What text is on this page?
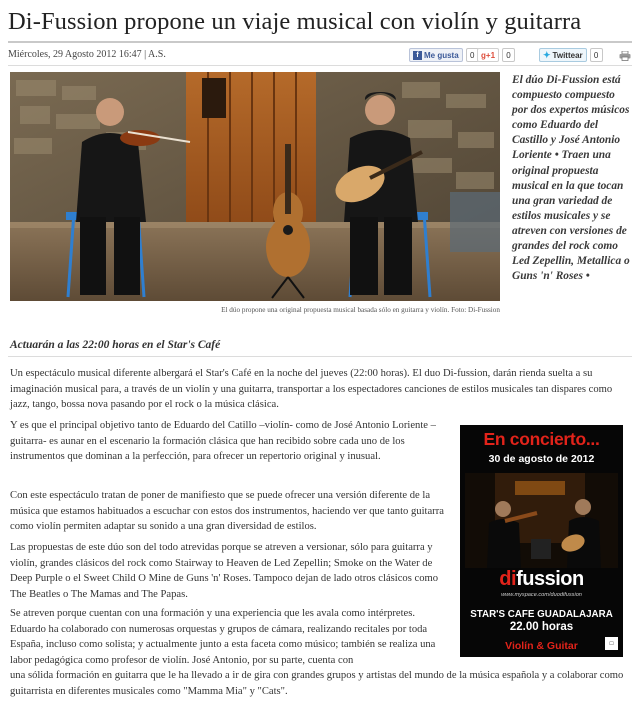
Di-Fussion propone un viaje musical con violín y guitarra
Miércoles, 29 Agosto 2012 16:47 | A.S.	f Me gusta	0 g +1	0	✦ Twittear	0
El dúo propone una original propuesta musical basada sólo en guitarra y violín. Foto: Di-Fussion
El dúo Di-Fussion está compuesto compuesto por dos expertos músicos como Eduardo del Castillo y José Antonio Loriente • Traen una original propuesta musical en la que tocan una gran variedad de estilos musicales y se atreven con versiones de grandes del rock como Led Zepellin, Metallica o Guns 'n' Roses •
Actuarán a las 22:00 horas en el Star's Café

Un espectáculo musical diferente albergará el Star's Café en la noche del jueves (22:00 horas). El duo Di-fussion, darán rienda suelta a su imaginación musical para, a través de un violín y una guitarra, transportar a los espectadores canciones de estilos musicales tan dispares como jazz, tango, bossa nova pasando por el rock o la música clásica.

Y es que el principal objetivo tanto de Eduardo del Catillo –violín- como de José Antonio Loriente –guitarra- es aunar en el escenario la formación clásica que han recibido sobre cada uno de los instrumentos que dominan a la perfección, para ofrecer un repertorio original y inusual.

Con este espectáculo tratan de poner de manifiesto que se puede ofrecer una versión diferente de la música que estamos habituados a escuchar con estos dos instrumentos, haciendo ver que tanto guitarra como violín permiten adaptar su sonido a una gran diversidad de estilos.

Las propuestas de este dúo son del todo atrevidas porque se atreven a versionar, sólo para guitarra y violín, grandes clásicos del rock como Stairway to Heaven de Led Zepellin; Smoke on the Water de Deep Purple o el Sweet Child O Mine de Guns 'n' Roses. Tampoco dejan de lado otros clásicos como The Beatles o The Mamas and The Papas.

Se atreven porque cuentan con una formación y una experiencia que les avala como intérpretes. Eduardo ha colaborado con numerosas orquestas y grupos de cámara, realizando recitales por toda España, incluso como solista; y actualmente junto a esta faceta como músico; también se realiza una labor pedagógica como profesor de violín. José Antonio, por su parte, cuenta con
una sólida formación en guitarra que le ha llevado a ir de gira con grandes grupos y artistas del mundo de la música española y a colaborar como guitarrista en diferentes musicales como "Mamma Mia" y "Cats".

En concierto...
30 de agosto de 2012
difussion
www.myspace.com/duodifussion
STAR'S CAFE GUADALAJARA
22.00 horas
Violín & Guitar	□
